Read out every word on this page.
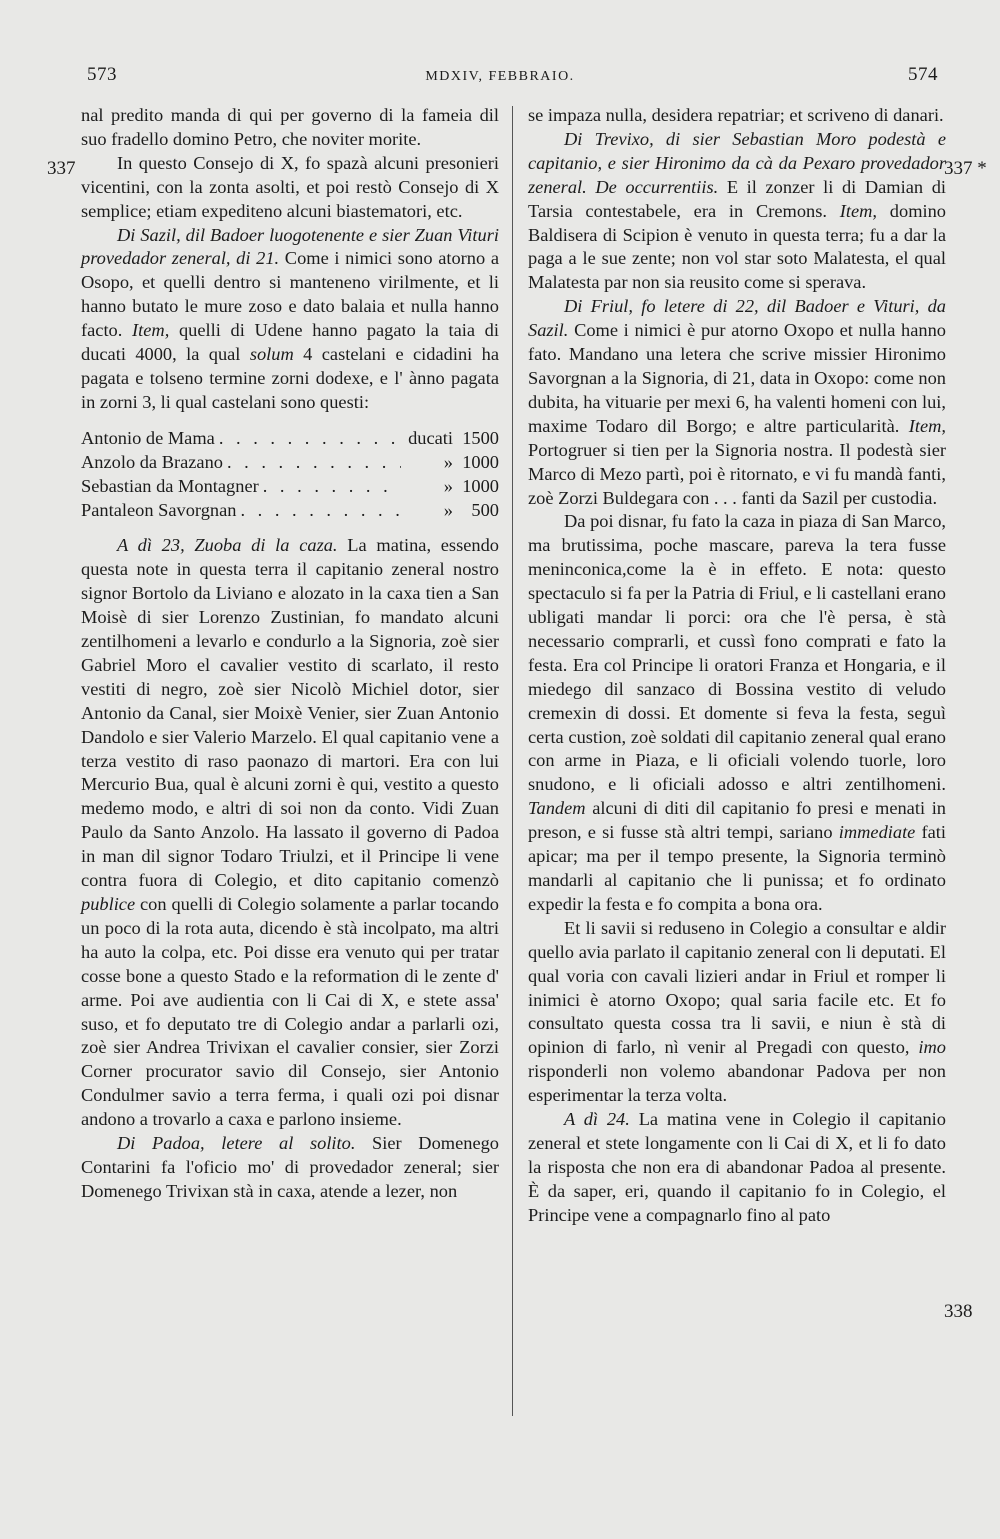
573	MDXIV, FEBBRAIO.	574
337	337 *
338

nal predito manda di qui per governo di la fameia dil suo fradello domino Petro, che noviter morite.

In questo Consejo di X, fo spazà alcuni presonieri vicentini, con la zonta asolti, et poi restò Consejo di X semplice; etiam expediteno alcuni biastematori, etc.

Di Sazil, dil Badoer luogotenente e sier Zuan Vituri provedador zeneral, di 21. Come i nimici sono atorno a Osopo, et quelli dentro si manteneno virilmente, et li hanno butato le mure zoso e dato balaia et nulla hanno facto. Item, quelli di Udene hanno pagato la taia di ducati 4000, la qual solum 4 castelani e cidadini ha pagata e tolseno termine zorni dodexe, e l' ànno pagata in zorni 3, li qual castelani sono questi:

Antonio de Mama . . .	ducati 1500
Anzolo da Brazano . . .	» 1000
Sebastian da Montagner . . .	» 1000
Pantaleon Savorgnan . . .	»	500

A dì 23, Zuoba di la caza. La matina, essendo questa note in questa terra il capitanio zeneral nostro signor Bortolo da Liviano e alozato in la caxa tien a San Moisè di sier Lorenzo Zustinian, fo mandato alcuni zentilhomeni a levarlo e condurlo a la Signoria, zoè sier Gabriel Moro el cavalier vestito di scarlato, il resto vestiti di negro, zoè sier Nicolò Michiel dotor, sier Antonio da Canal, sier Moixè Venier, sier Zuan Antonio Dandolo e sier Valerio Marzelo. El qual capitanio vene a terza vestito di raso paonazo di martori. Era con lui Mercurio Bua, qual è alcuni zorni è qui, vestito a questo medemo modo, e altri di soi non da conto. Vidi Zuan Paulo da Santo Anzolo. Ha lassato il governo di Padoa in man dil signor Todaro Triulzi, et il Principe li vene contra fuora di Colegio, et dito capitanio comenzò publice con quelli di Colegio solamente a parlar tocando un poco di la rota auta, dicendo è stà incolpato, ma altri ha auto la colpa, etc. Poi disse era venuto qui per tratar cosse bone a questo Stado e la reformation di le zente d' arme. Poi ave audientia con li Cai di X, e stete assa' suso, et fo deputato tre di Colegio andar a parlarli ozi, zoè sier Andrea Trivixan el cavalier consier, sier Zorzi Corner procurator savio dil Consejo, sier Antonio Condulmer savio a terra ferma, i quali ozi poi disnar andono a trovarlo a caxa e parlono insieme.

Di Padoa, letere al solito. Sier Domenego Contarini fa l'oficio mo' di provedador zeneral; sier Domenego Trivixan stà in caxa, atende a lezer, non

se impaza nulla, desidera repatriar; et scriveno di danari.

Di Trevixo, di sier Sebastian Moro podestà e capitanio, e sier Hironimo da cà da Pexaro provedador zeneral. De occurrentiis. E il zonzer li di Damian di Tarsia contestabele, era in Cremons. Item, domino Baldisera di Scipion è venuto in questa terra; fu a dar la paga a le sue zente; non vol star soto Malatesta, el qual Malatesta par non sia reusito come si sperava.

Di Friul, fo letere di 22, dil Badoer e Vituri, da Sazil. Come i nimici è pur atorno Oxopo et nulla hanno fato. Mandano una letera che scrive missier Hironimo Savorgnan a la Signoria, di 21, data in Oxopo: come non dubita, ha vituarie per mexi 6, ha valenti homeni con lui, maxime Todaro dil Borgo; e altre particularità. Item, Portogruer si tien per la Signoria nostra. Il podestà sier Marco di Mezo partì, poi è ritornato, e vi fu mandà fanti, zoè Zorzi Buldegara con . . . fanti da Sazil per custodia.

Da poi disnar, fu fato la caza in piaza di San Marco, ma brutissima, poche mascare, pareva la tera fusse meninconica,come la è in effeto. E nota: questo spectaculo si fa per la Patria di Friul, e li castellani erano ubligati mandar li porci: ora che l'è persa, è stà necessario comprarli, et cussì fono comprati e fato la festa. Era col Principe li oratori Franza et Hongaria, e il miedego dil sanzaco di Bossina vestito di veludo cremexin di dossi. Et domente si feva la festa, seguì certa custion, zoè soldati dil capitanio zeneral qual erano con arme in Piaza, e li oficiali volendo tuorle, loro snudono, e li oficiali adosso e altri zentilhomeni. Tandem alcuni di diti dil capitanio fo presi e menati in preson, e si fusse stà altri tempi, sariano immediate fati apicar; ma per il tempo presente, la Signoria terminò mandarli al capitanio che li punissa; et fo ordinato expedir la festa e fo compita a bona ora.

Et li savii si reduseno in Colegio a consultar e aldir quello avia parlato il capitanio zeneral con li deputati. El qual voria con cavali lizieri andar in Friul et romper li inimici è atorno Oxopo; qual saria facile etc. Et fo consultato questa cossa tra li savii, e niun è stà di opinion di farlo, nì venir al Pregadi con questo, imo risponderli non volemo abandonar Padova per non esperimentar la terza volta.

A dì 24. La matina vene in Colegio il capitanio zeneral et stete longamente con li Cai di X, et li fo dato la risposta che non era di abandonar Padoa al presente. È da saper, eri, quando il capitanio fo in Colegio, el Principe vene a compagnarlo fino al pato
